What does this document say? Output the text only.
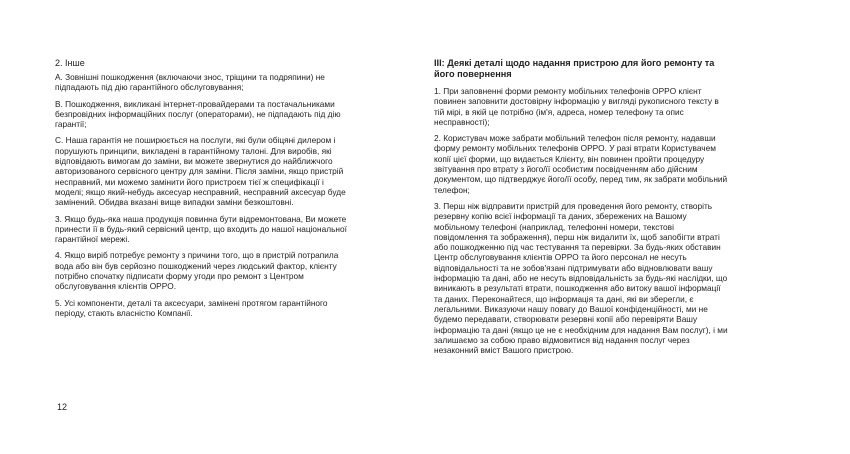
2. Інше

А. Зовнішні пошкодження (включаючи знос, тріщини та подряпини) не
підпадають під дію гарантійного обслуговування;

В. Пошкодження, викликані інтернет-провайдерами та постачальниками
безпровідних інформаційних послуг (операторами), не підпадають під дію
гарантії;

С. Наша гарантія не поширюється на послуги, які були обіцяні дилером і
порушують принципи, викладені в гарантійному талоні. Для виробів, які
відповідають вимогам до заміни, ви можете звернутися до найближчого
авторизованого сервісного центру для заміни. Після заміни, якщо пристрій
несправний, ми можемо замінити його пристроєм тієї ж специфікації і
моделі; якщо який-небудь аксесуар несправний, несправний аксесуар буде
замінений. Обидва вказані вище випадки заміни безкоштовні.

3. Якщо будь-яка наша продукція повинна бути відремонтована, Ви можете
принести її в будь-який сервісний центр, що входить до нашої національної
гарантійної мережі.

4. Якщо виріб потребує ремонту з причини того, що в пристрій потрапила
вода або він був серйозно пошкоджений через людський фактор, клієнту
потрібно спочатку підписати форму угоди про ремонт з Центром
обслуговування клієнтів OPPO.

5. Усі компоненти, деталі та аксесуари, замінені протягом гарантійного
періоду, стають власністю Компанії.

III: Деякі деталі щодо надання пристрою для його ремонту та
його повернення

1. При заповненні форми ремонту мобільних телефонів OPPO клієнт
повинен заповнити достовірну інформацію у вигляді рукописного тексту в
тій мірі, в якій це потрібно (ім'я, адреса, номер телефону та опис
несправності);

2. Користувач може забрати мобільний телефон після ремонту, надавши
форму ремонту мобільних телефонів OPPO. У разі втрати Користувачем
копії цієї форми, що видається Клієнту, він повинен пройти процедуру
звітування про втрату з його/її особистим посвідченням або дійсним
документом, що підтверджує його/її особу, перед тим, як забрати мобільний
телефон;

3. Перш ніж відправити пристрій для проведення його ремонту, створіть
резервну копію всієї інформації та даних, збережених на Вашому
мобільному телефоні (наприклад, телефонні номери, текстові
повідомлення та зображення), перш ніж видалити їх, щоб запобігти втраті
або пошкодженню під час тестування та перевірки. За будь-яких обставин
Центр обслуговування клієнтів OPPO та його персонал не несуть
відповідальності та не зобов'язані підтримувати або відновлювати вашу
інформацію та дані, або не несуть відповідальність за будь-які наслідки, що
виникають в результаті втрати, пошкодження або витоку вашої інформації
та даних. Переконайтеся, що інформація та дані, які ви зберегли, є
легальними. Виказуючи нашу повагу до Вашої конфіденційності, ми не
будемо передавати, створювати резервні копії або перевіряти Вашу
інформацію та дані (якщо це не є необхідним для надання Вам послуг), і ми
залишаємо за собою право відмовитися від надання послуг через
незаконний вміст Вашого пристрою.

12
